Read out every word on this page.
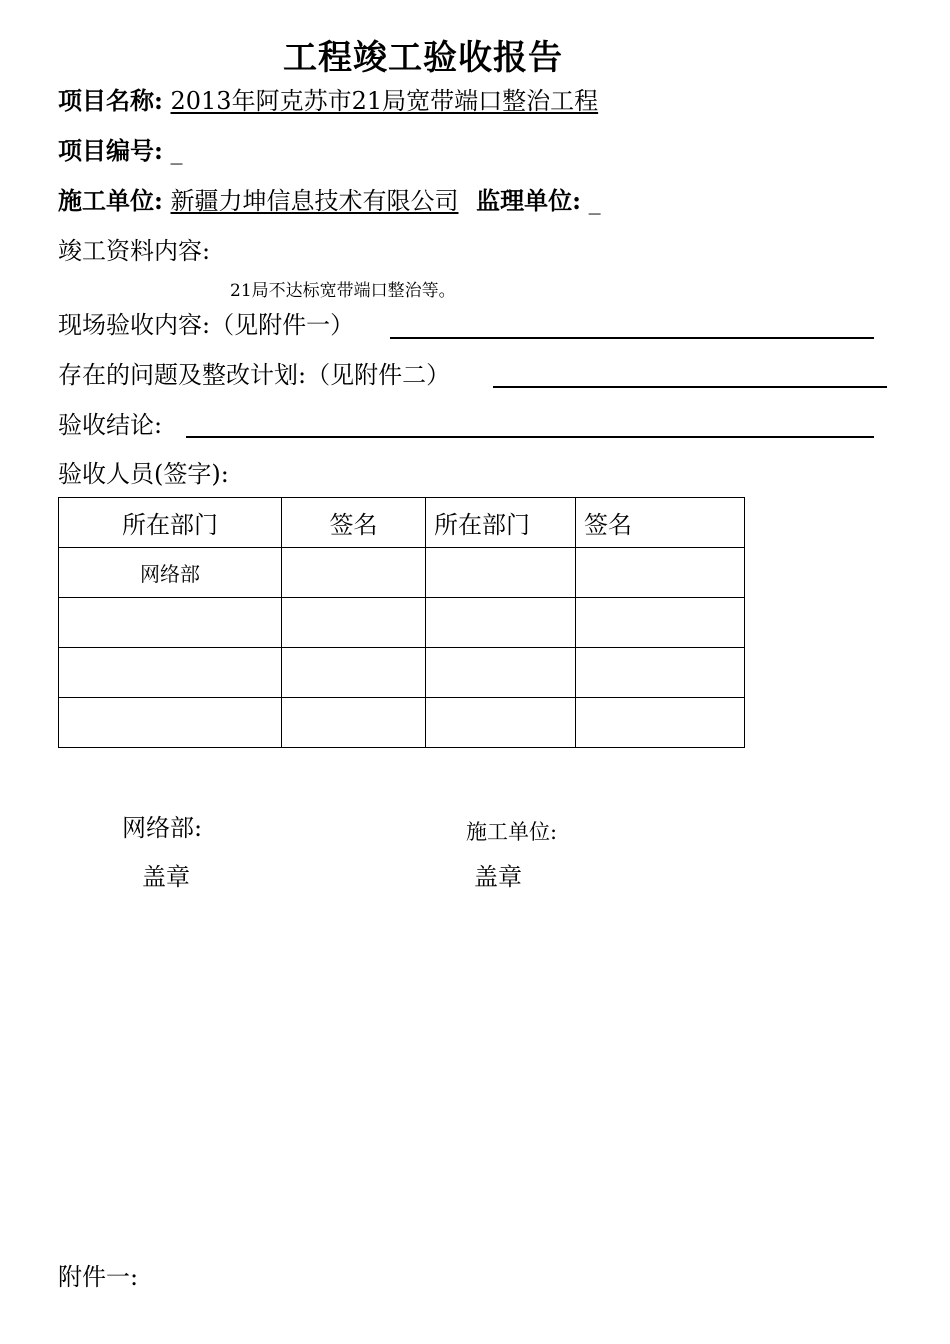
工程竣工验收报告
项目名称: 2013年阿克苏市21局宽带端口整治工程
项目编号: _
施工单位: 新疆力坤信息技术有限公司 监理单位: _
竣工资料内容:
21局不达标宽带端口整治等。
现场验收内容:（见附件一）
存在的问题及整改计划:（见附件二）
验收结论:
验收人员(签字):
所在部门	签名	所在部门	签名
网络部			

网络部:
盖章
施工单位:
盖章
附件一:
